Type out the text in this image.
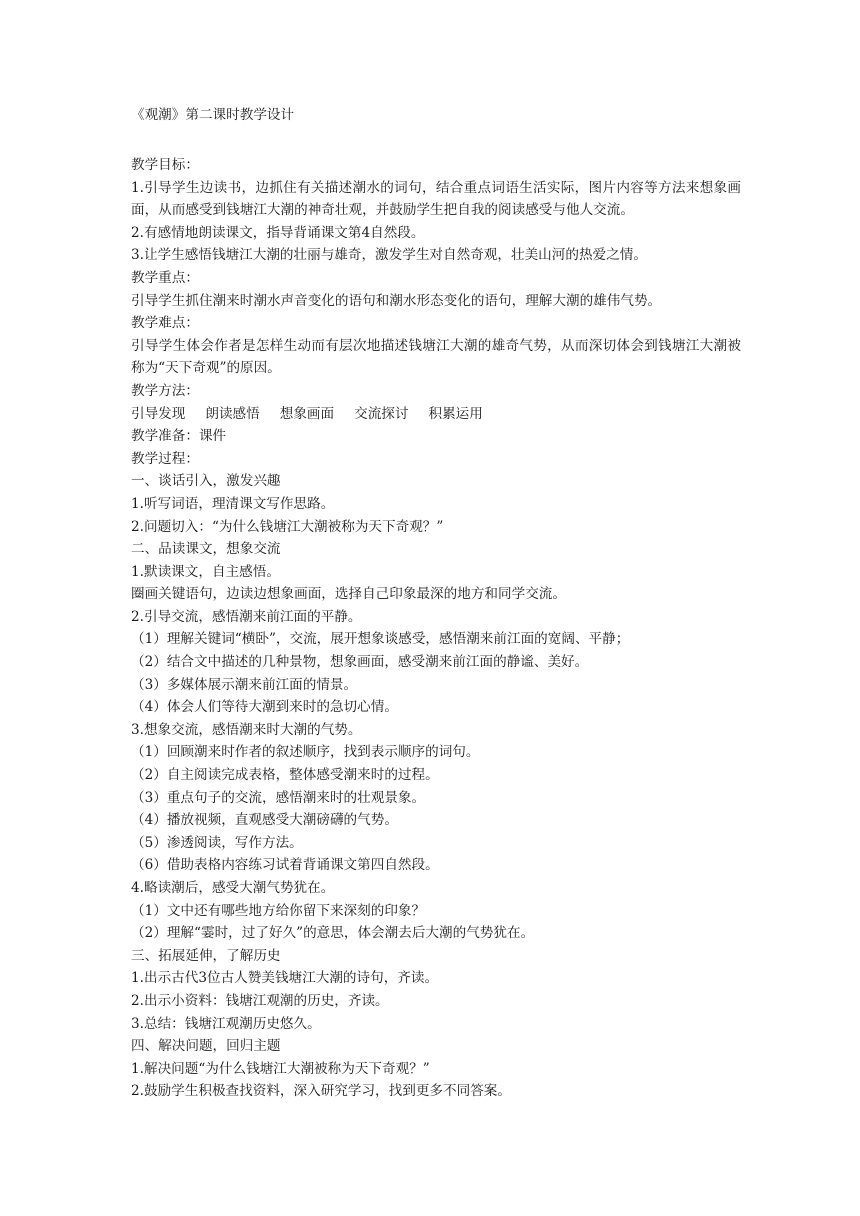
《观潮》第二课时教学设计
教学目标：
1.引导学生边读书，边抓住有关描述潮水的词句，结合重点词语生活实际，图片内容等方法来想象画面，从而感受到钱塘江大潮的神奇壮观，并鼓励学生把自我的阅读感受与他人交流。
2.有感情地朗读课文，指导背诵课文第4自然段。
3.让学生感悟钱塘江大潮的壮丽与雄奇，激发学生对自然奇观，壮美山河的热爱之情。
教学重点：
引导学生抓住潮来时潮水声音变化的语句和潮水形态变化的语句，理解大潮的雄伟气势。
教学难点：
引导学生体会作者是怎样生动而有层次地描述钱塘江大潮的雄奇气势，从而深切体会到钱塘江大潮被称为“天下奇观”的原因。
教学方法：
引导发现 朗读感悟 想象画面 交流探讨 积累运用
教学准备：课件
教学过程：
一、谈话引入，激发兴趣
1.听写词语，理清课文写作思路。
2.问题切入：“为什么钱塘江大潮被称为天下奇观？”
二、品读课文，想象交流
1.默读课文，自主感悟。
圈画关键语句，边读边想象画面，选择自己印象最深的地方和同学交流。
2.引导交流，感悟潮来前江面的平静。
（1）理解关键词“横卧”，交流，展开想象谈感受，感悟潮来前江面的宽阔、平静；
（2）结合文中描述的几种景物，想象画面，感受潮来前江面的静谧、美好。
（3）多媒体展示潮来前江面的情景。
（4）体会人们等待大潮到来时的急切心情。
3.想象交流，感悟潮来时大潮的气势。
（1）回顾潮来时作者的叙述顺序，找到表示顺序的词句。
（2）自主阅读完成表格，整体感受潮来时的过程。
（3）重点句子的交流，感悟潮来时的壮观景象。
（4）播放视频，直观感受大潮磅礴的气势。
（5）渗透阅读，写作方法。
（6）借助表格内容练习试着背诵课文第四自然段。
4.略读潮后，感受大潮气势犹在。
（1）文中还有哪些地方给你留下来深刻的印象？
（2）理解“霎时，过了好久”的意思，体会潮去后大潮的气势犹在。
三、拓展延伸，了解历史
1.出示古代3位古人赞美钱塘江大潮的诗句，齐读。
2.出示小资料：钱塘江观潮的历史，齐读。
3.总结：钱塘江观潮历史悠久。
四、解决问题，回归主题
1.解决问题“为什么钱塘江大潮被称为天下奇观？”
2.鼓励学生积极查找资料，深入研究学习，找到更多不同答案。
